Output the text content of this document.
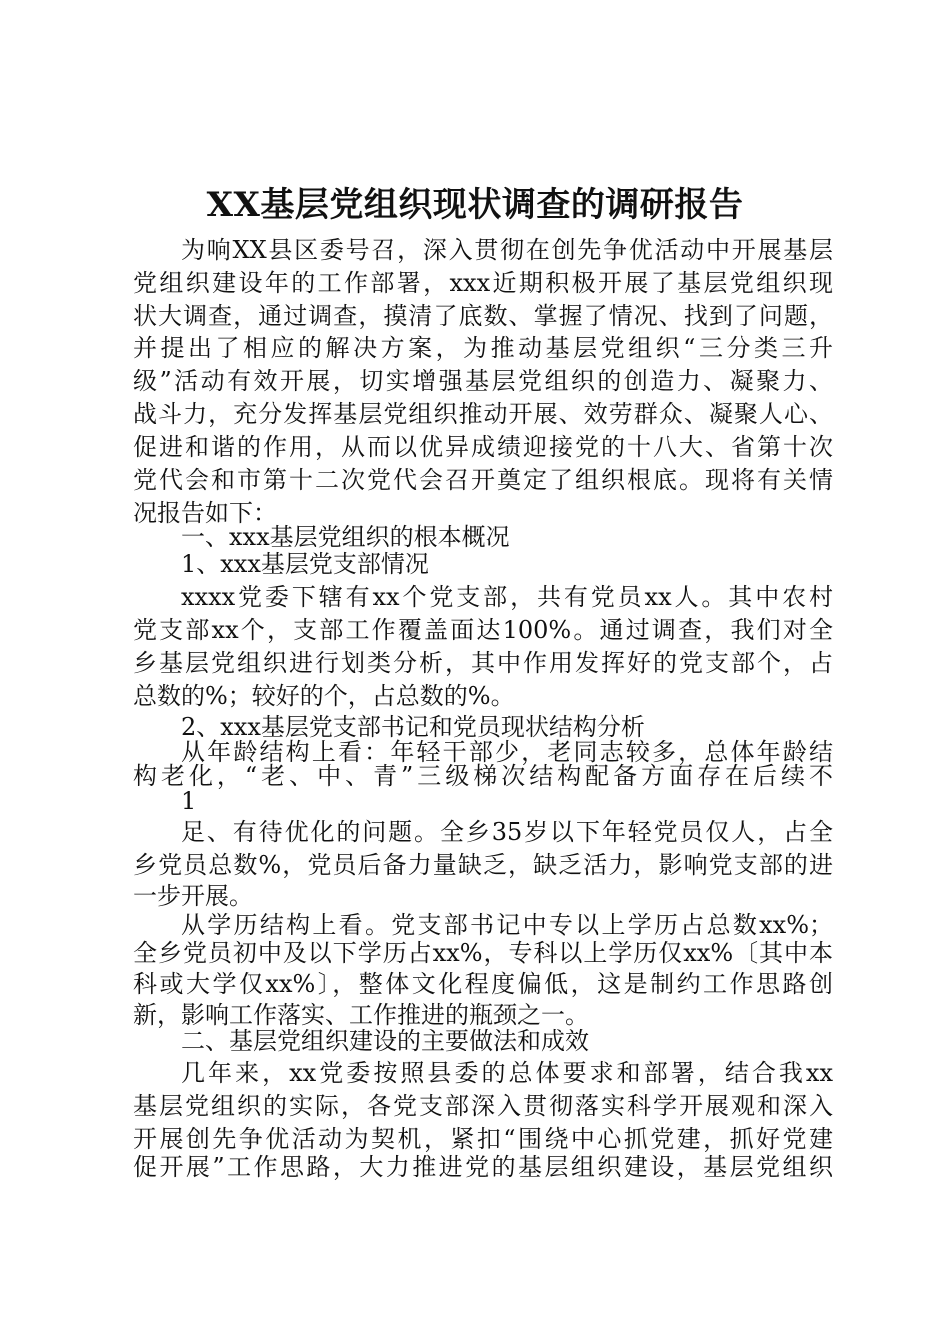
XX基层党组织现状调查的调研报告

为响XX县区委号召，深入贯彻在创先争优活动中开展基层

党组织建设年的工作部署，xxx近期积极开展了基层党组织现

状大调查，通过调查，摸清了底数、掌握了情况、找到了问题，

并提出了相应的解决方案，为推动基层党组织“三分类三升

级”活动有效开展，切实增强基层党组织的创造力、凝聚力、

战斗力，充分发挥基层党组织推动开展、效劳群众、凝聚人心、

促进和谐的作用，从而以优异成绩迎接党的十八大、省第十次

党代会和市第十二次党代会召开奠定了组织根底。现将有关情

况报告如下：

一、xxx基层党组织的根本概况

1、xxx基层党支部情况

xxxx党委下辖有xx个党支部，共有党员xx人。其中农村

党支部xx个，支部工作覆盖面达100%。通过调查，我们对全

乡基层党组织进行划类分析，其中作用发挥好的党支部个，占

总数的%；较好的个，占总数的%。

2、xxx基层党支部书记和党员现状结构分析

从年龄结构上看：年轻干部少，老同志较多，总体年龄结

构老化，“老、中、青”三级梯次结构配备方面存在后续不

1

足、有待优化的问题。全乡35岁以下年轻党员仅人，占全

乡党员总数%，党员后备力量缺乏，缺乏活力，影响党支部的进

一步开展。

从学历结构上看。党支部书记中专以上学历占总数xx%；

全乡党员初中及以下学历占xx%，专科以上学历仅xx%〔其中本

科或大学仅xx%〕，整体文化程度偏低，这是制约工作思路创

新，影响工作落实、工作推进的瓶颈之一。

二、基层党组织建设的主要做法和成效

几年来，xx党委按照县委的总体要求和部署，结合我xx

基层党组织的实际，各党支部深入贯彻落实科学开展观和深入

开展创先争优活动为契机，紧扣“围绕中心抓党建，抓好党建

促开展”工作思路，大力推进党的基层组织建设，基层党组织
